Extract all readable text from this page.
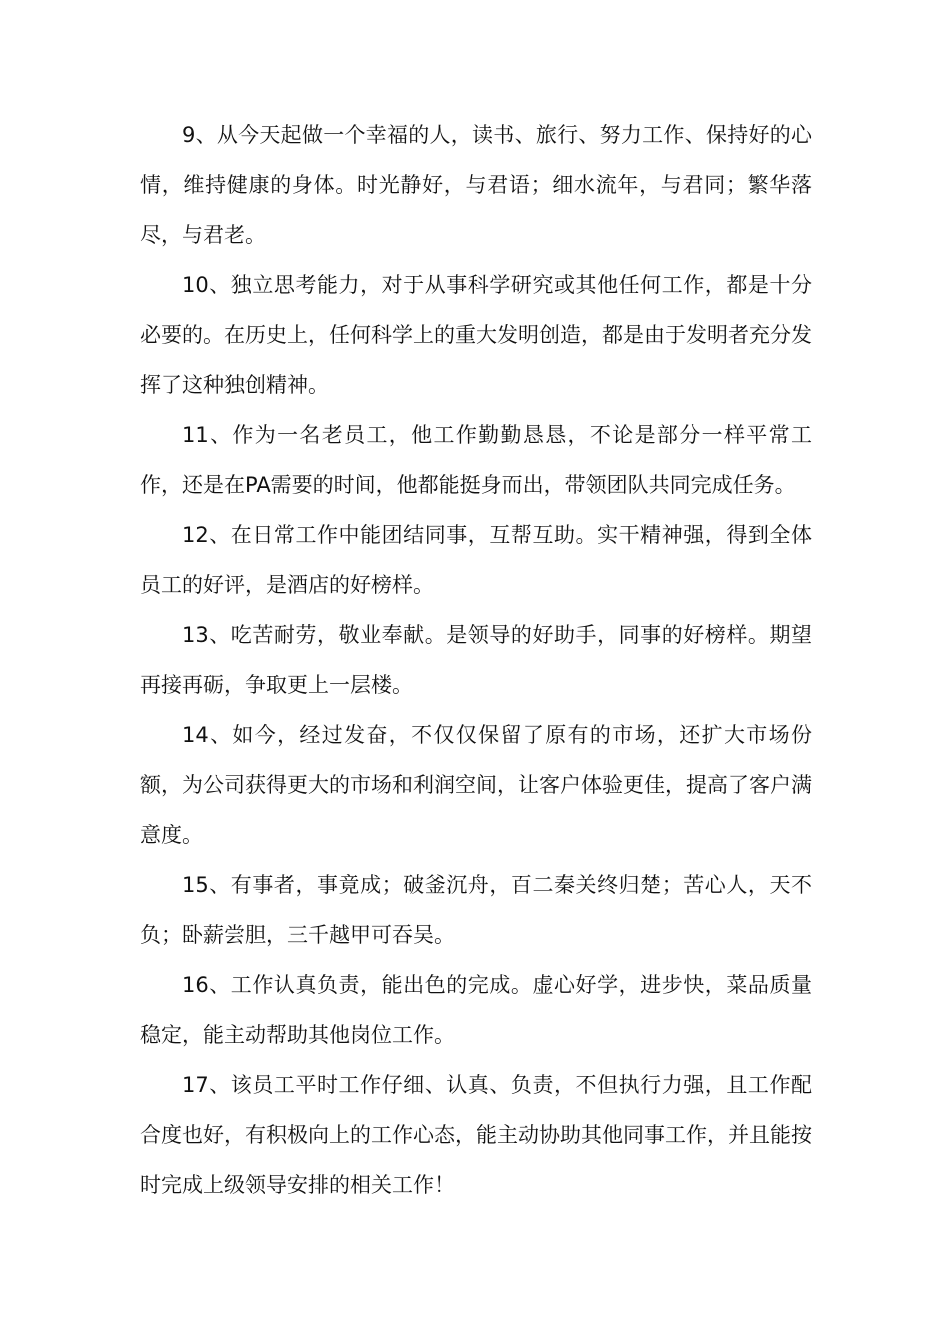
9、从今天起做一个幸福的人，读书、旅行、努力工作、保持好的心情，维持健康的身体。时光静好，与君语；细水流年，与君同；繁华落尽，与君老。

10、独立思考能力，对于从事科学研究或其他任何工作，都是十分必要的。在历史上，任何科学上的重大发明创造，都是由于发明者充分发挥了这种独创精神。

11、作为一名老员工，他工作勤勤恳恳，不论是部分一样平常工作，还是在PA需要的时间，他都能挺身而出，带领团队共同完成任务。

12、在日常工作中能团结同事，互帮互助。实干精神强，得到全体员工的好评，是酒店的好榜样。

13、吃苦耐劳，敬业奉献。是领导的好助手，同事的好榜样。期望再接再砺，争取更上一层楼。

14、如今，经过发奋，不仅仅保留了原有的市场，还扩大市场份额，为公司获得更大的市场和利润空间，让客户体验更佳，提高了客户满意度。

15、有事者，事竟成；破釜沉舟，百二秦关终归楚；苦心人，天不负；卧薪尝胆，三千越甲可吞吴。

16、工作认真负责，能出色的完成。虚心好学，进步快，菜品质量稳定，能主动帮助其他岗位工作。

17、该员工平时工作仔细、认真、负责，不但执行力强，且工作配合度也好，有积极向上的工作心态，能主动协助其他同事工作，并且能按时完成上级领导安排的相关工作！
